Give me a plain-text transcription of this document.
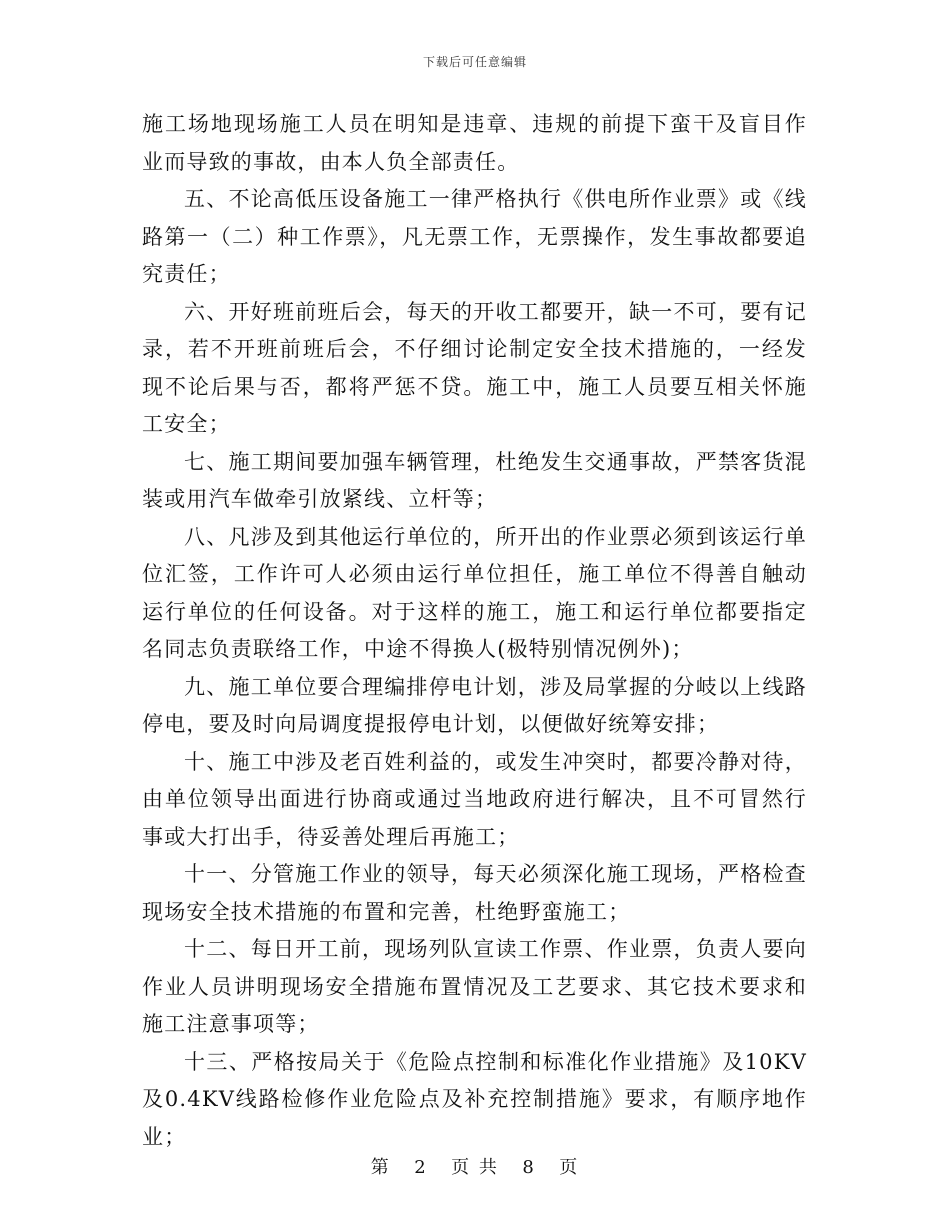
下载后可任意编辑

施工场地现场施工人员在明知是违章、违规的前提下蛮干及盲目作业而导致的事故，由本人负全部责任。

五、不论高低压设备施工一律严格执行《供电所作业票》或《线路第一（二）种工作票》，凡无票工作，无票操作，发生事故都要追究责任；

六、开好班前班后会，每天的开收工都要开，缺一不可，要有记录，若不开班前班后会，不仔细讨论制定安全技术措施的，一经发现不论后果与否，都将严惩不贷。施工中，施工人员要互相关怀施工安全；

七、施工期间要加强车辆管理，杜绝发生交通事故，严禁客货混装或用汽车做牵引放紧线、立杆等；

八、凡涉及到其他运行单位的，所开出的作业票必须到该运行单位汇签，工作许可人必须由运行单位担任，施工单位不得善自触动运行单位的任何设备。对于这样的施工，施工和运行单位都要指定名同志负责联络工作，中途不得换人(极特别情况例外)；

九、施工单位要合理编排停电计划，涉及局掌握的分岐以上线路停电，要及时向局调度提报停电计划，以便做好统筹安排；

十、施工中涉及老百姓利益的，或发生冲突时，都要冷静对待，由单位领导出面进行协商或通过当地政府进行解决，且不可冒然行事或大打出手，待妥善处理后再施工；

十一、分管施工作业的领导，每天必须深化施工现场，严格检查现场安全技术措施的布置和完善，杜绝野蛮施工；

十二、每日开工前，现场列队宣读工作票、作业票，负责人要向作业人员讲明现场安全措施布置情况及工艺要求、其它技术要求和施工注意事项等；

十三、严格按局关于《危险点控制和标准化作业措施》及10KV及0.4KV线路检修作业危险点及补充控制措施》要求，有顺序地作业；

第 2 页 共 8 页
